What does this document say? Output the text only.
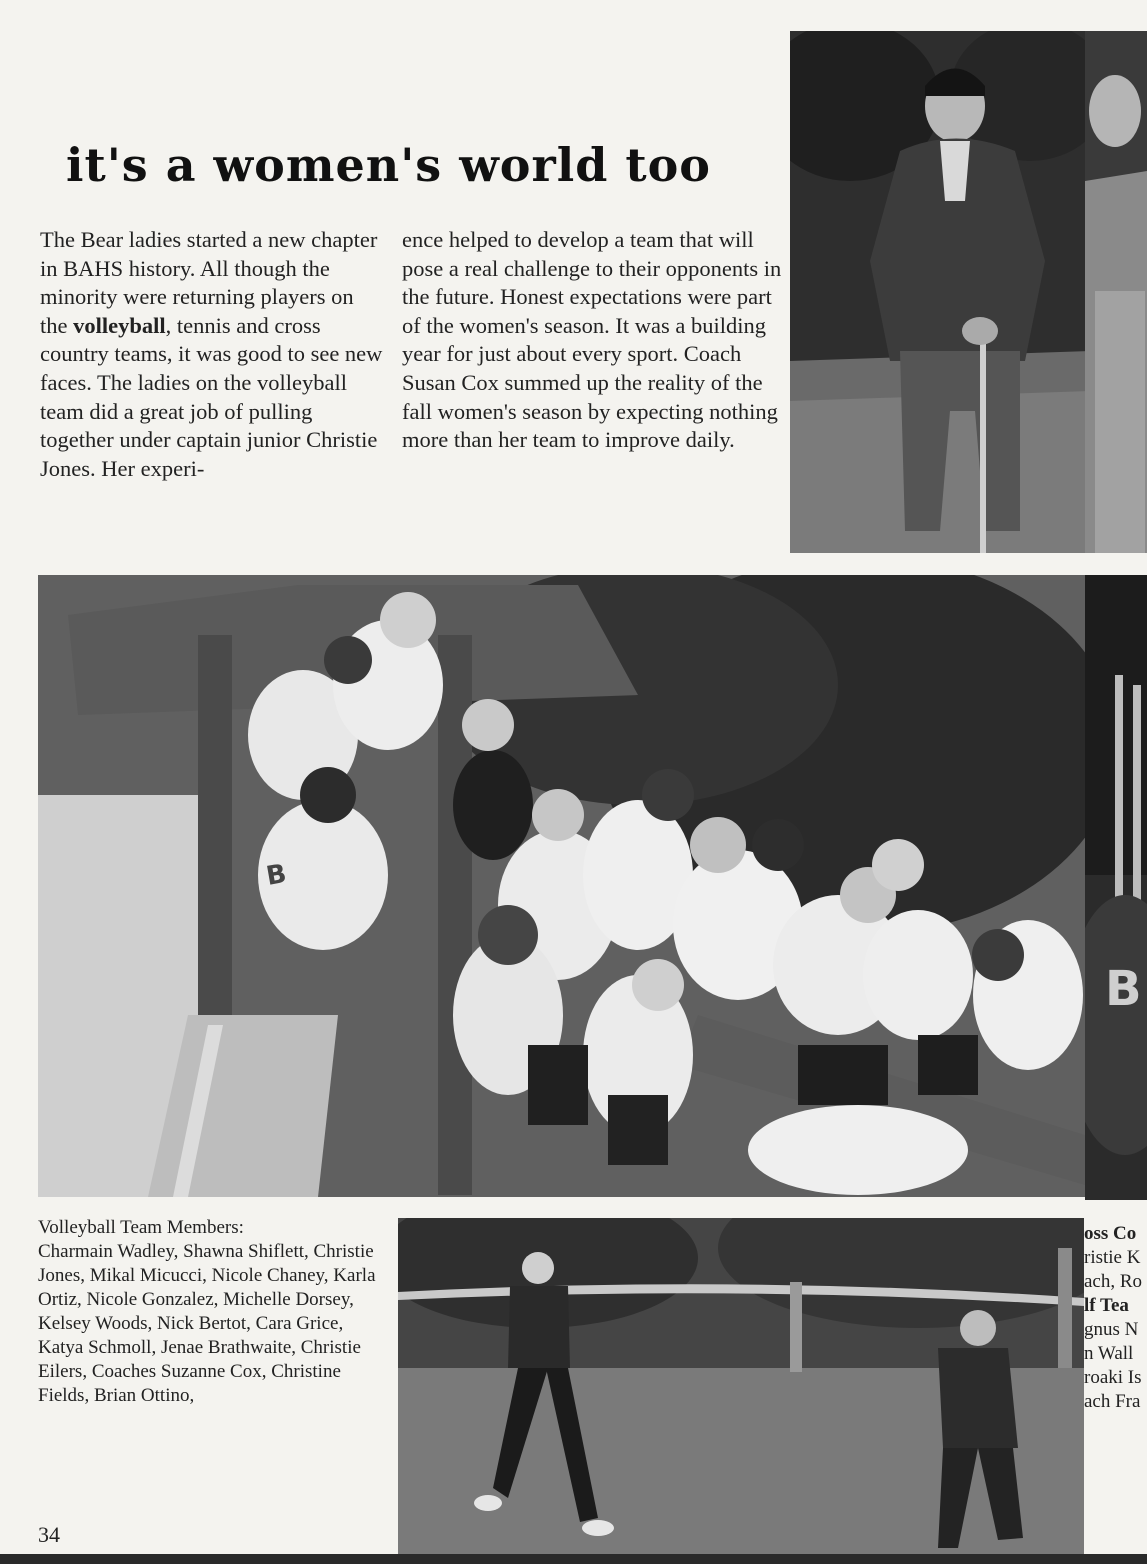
it's a women's world too

The Bear ladies started a new chapter in BAHS history. All though the minority were returning players on the volleyball, tennis and cross country teams, it was good to see new faces. The ladies on the volleyball team did a great job of pulling together under captain junior Christie Jones. Her experi-

ence helped to develop a team that will pose a real challenge to their opponents in the future. Honest expectations were part of the women's season. It was a building year for just about every sport. Coach Susan Cox summed up the reality of the fall women's season by expecting nothing more than her team to improve daily.

B
B

Volleyball Team Members:

Charmain Wadley, Shawna Shiflett, Christie Jones, Mikal Micucci, Nicole Chaney, Karla Ortiz, Nicole Gonzalez, Michelle Dorsey, Kelsey Woods, Nick Bertot, Cara Grice, Katya Schmoll, Jenae Brathwaite, Christie Eilers, Coaches Suzanne Cox, Christine Fields, Brian Ottino,

oss Co
ristie K
ach, Ro
lf Tea
gnus N
n Wall
roaki Is
ach Fra
34
